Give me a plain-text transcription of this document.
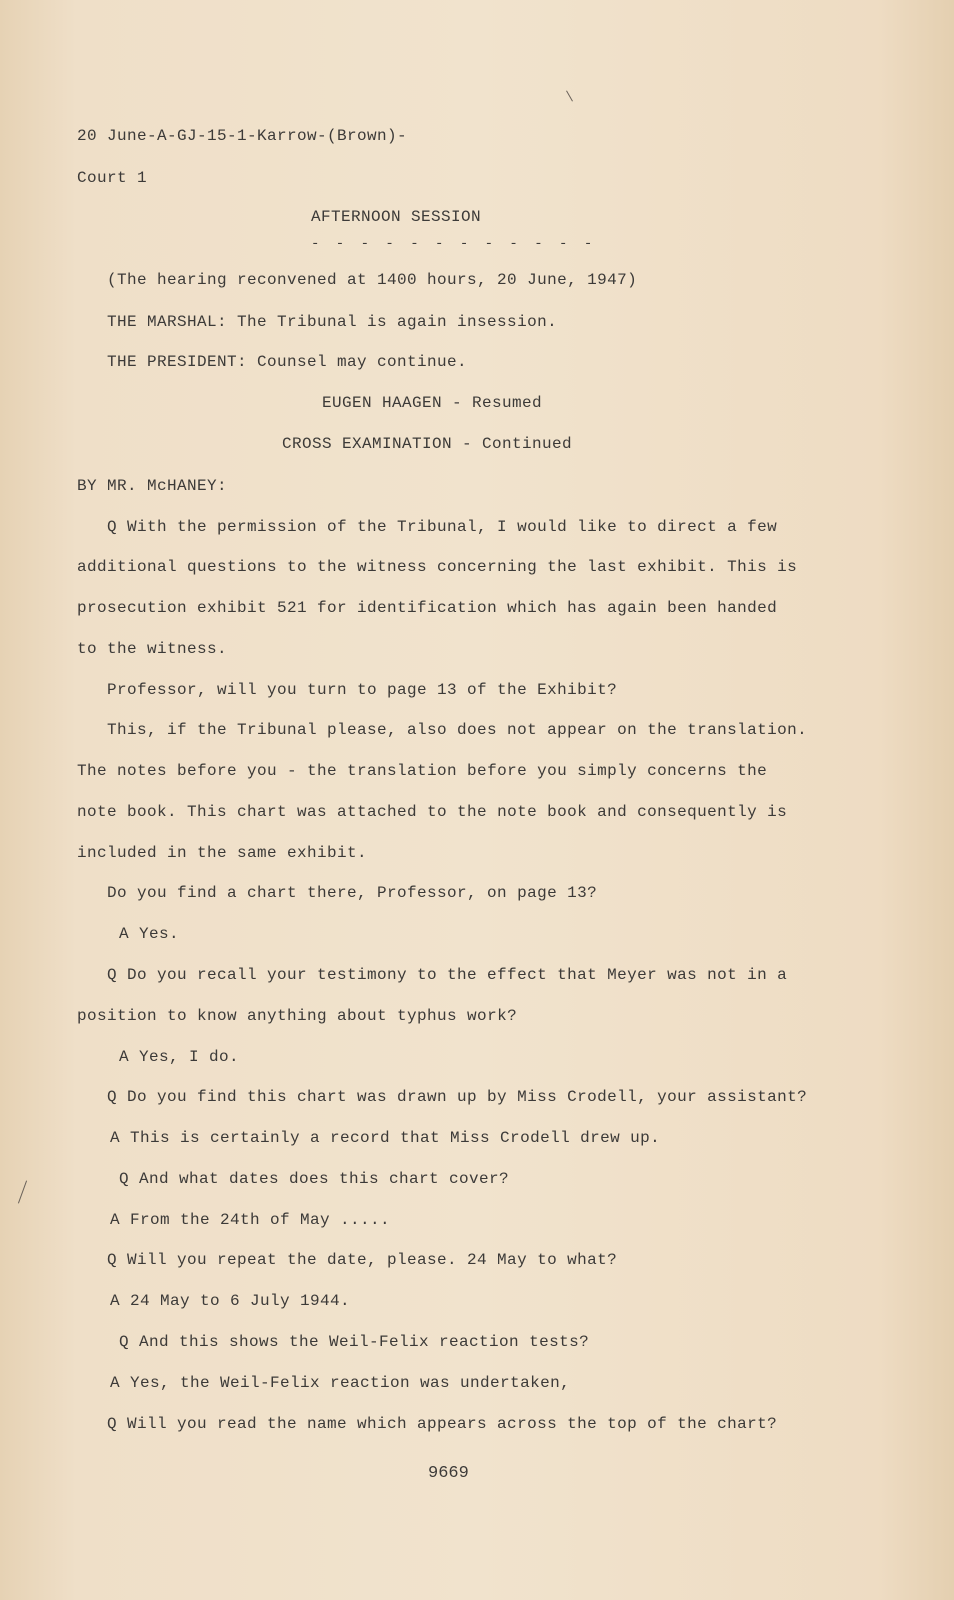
20 June-A-GJ-15-1-Karrow-(Brown)-
Court 1
AFTERNOON SESSION
- - - - - - - - - - - -
(The hearing reconvened at 1400 hours, 20 June, 1947)
THE MARSHAL: The Tribunal is again insession.
THE PRESIDENT: Counsel may continue.
EUGEN HAAGEN - Resumed
CROSS EXAMINATION - Continued
BY MR. McHANEY:
Q With the permission of the Tribunal, I would like to direct a few
additional questions to the witness concerning the last exhibit. This is
prosecution exhibit 521 for identification which has again been handed
to the witness.
Professor, will you turn to page 13 of the Exhibit?
This, if the Tribunal please, also does not appear on the translation.
The notes before you - the translation before you simply concerns the
note book. This chart was attached to the note book and consequently is
included in the same exhibit.
Do you find a chart there, Professor, on page 13?
A Yes.
Q Do you recall your testimony to the effect that Meyer was not in a
position to know anything about typhus work?
A Yes, I do.
Q Do you find this chart was drawn up by Miss Crodell, your assistant?
A This is certainly a record that Miss Crodell drew up.
Q And what dates does this chart cover?
A From the 24th of May .....
Q Will you repeat the date, please. 24 May to what?
A 24 May to 6 July 1944.
Q And this shows the Weil-Felix reaction tests?
A Yes, the Weil-Felix reaction was undertaken,
Q Will you read the name which appears across the top of the chart?
9669
